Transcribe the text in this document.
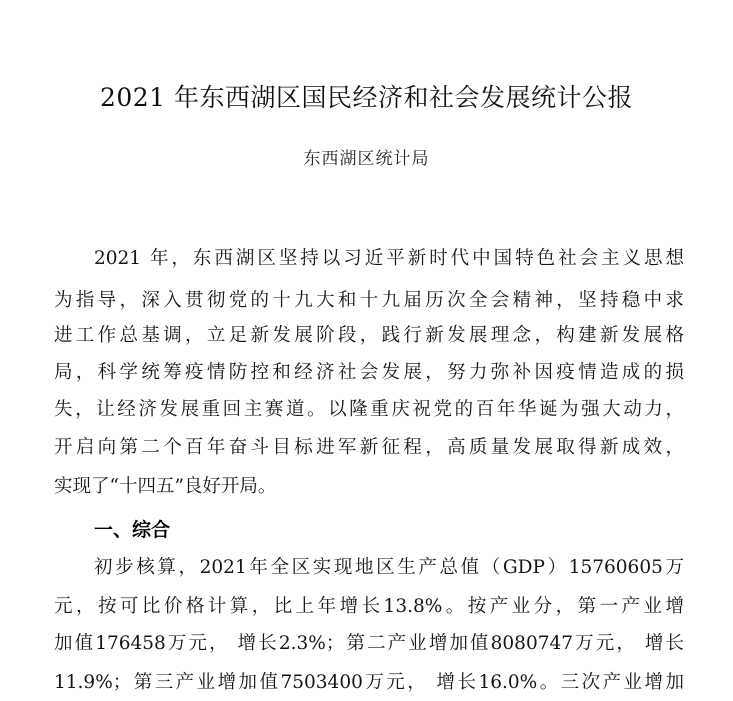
2021 年东西湖区国民经济和社会发展统计公报
东西湖区统计局
2021 年，东西湖区坚持以习近平新时代中国特色社会主义思想
为指导，深入贯彻党的十九大和十九届历次全会精神，坚持稳中求
进工作总基调，立足新发展阶段，践行新发展理念，构建新发展格
局，科学统筹疫情防控和经济社会发展，努力弥补因疫情造成的损
失，让经济发展重回主赛道。以隆重庆祝党的百年华诞为强大动力，
开启向第二个百年奋斗目标进军新征程，高质量发展取得新成效，
实现了“十四五”良好开局。
一、综合
初步核算，2021年全区实现地区生产总值（GDP）15760605万
元，按可比价格计算，比上年增长13.8%。按产业分，第一产业增
加值176458万元， 增长2.3%；第二产业增加值8080747万元， 增长
11.9%；第三产业增加值7503400万元， 增长16.0%。三次产业增加
